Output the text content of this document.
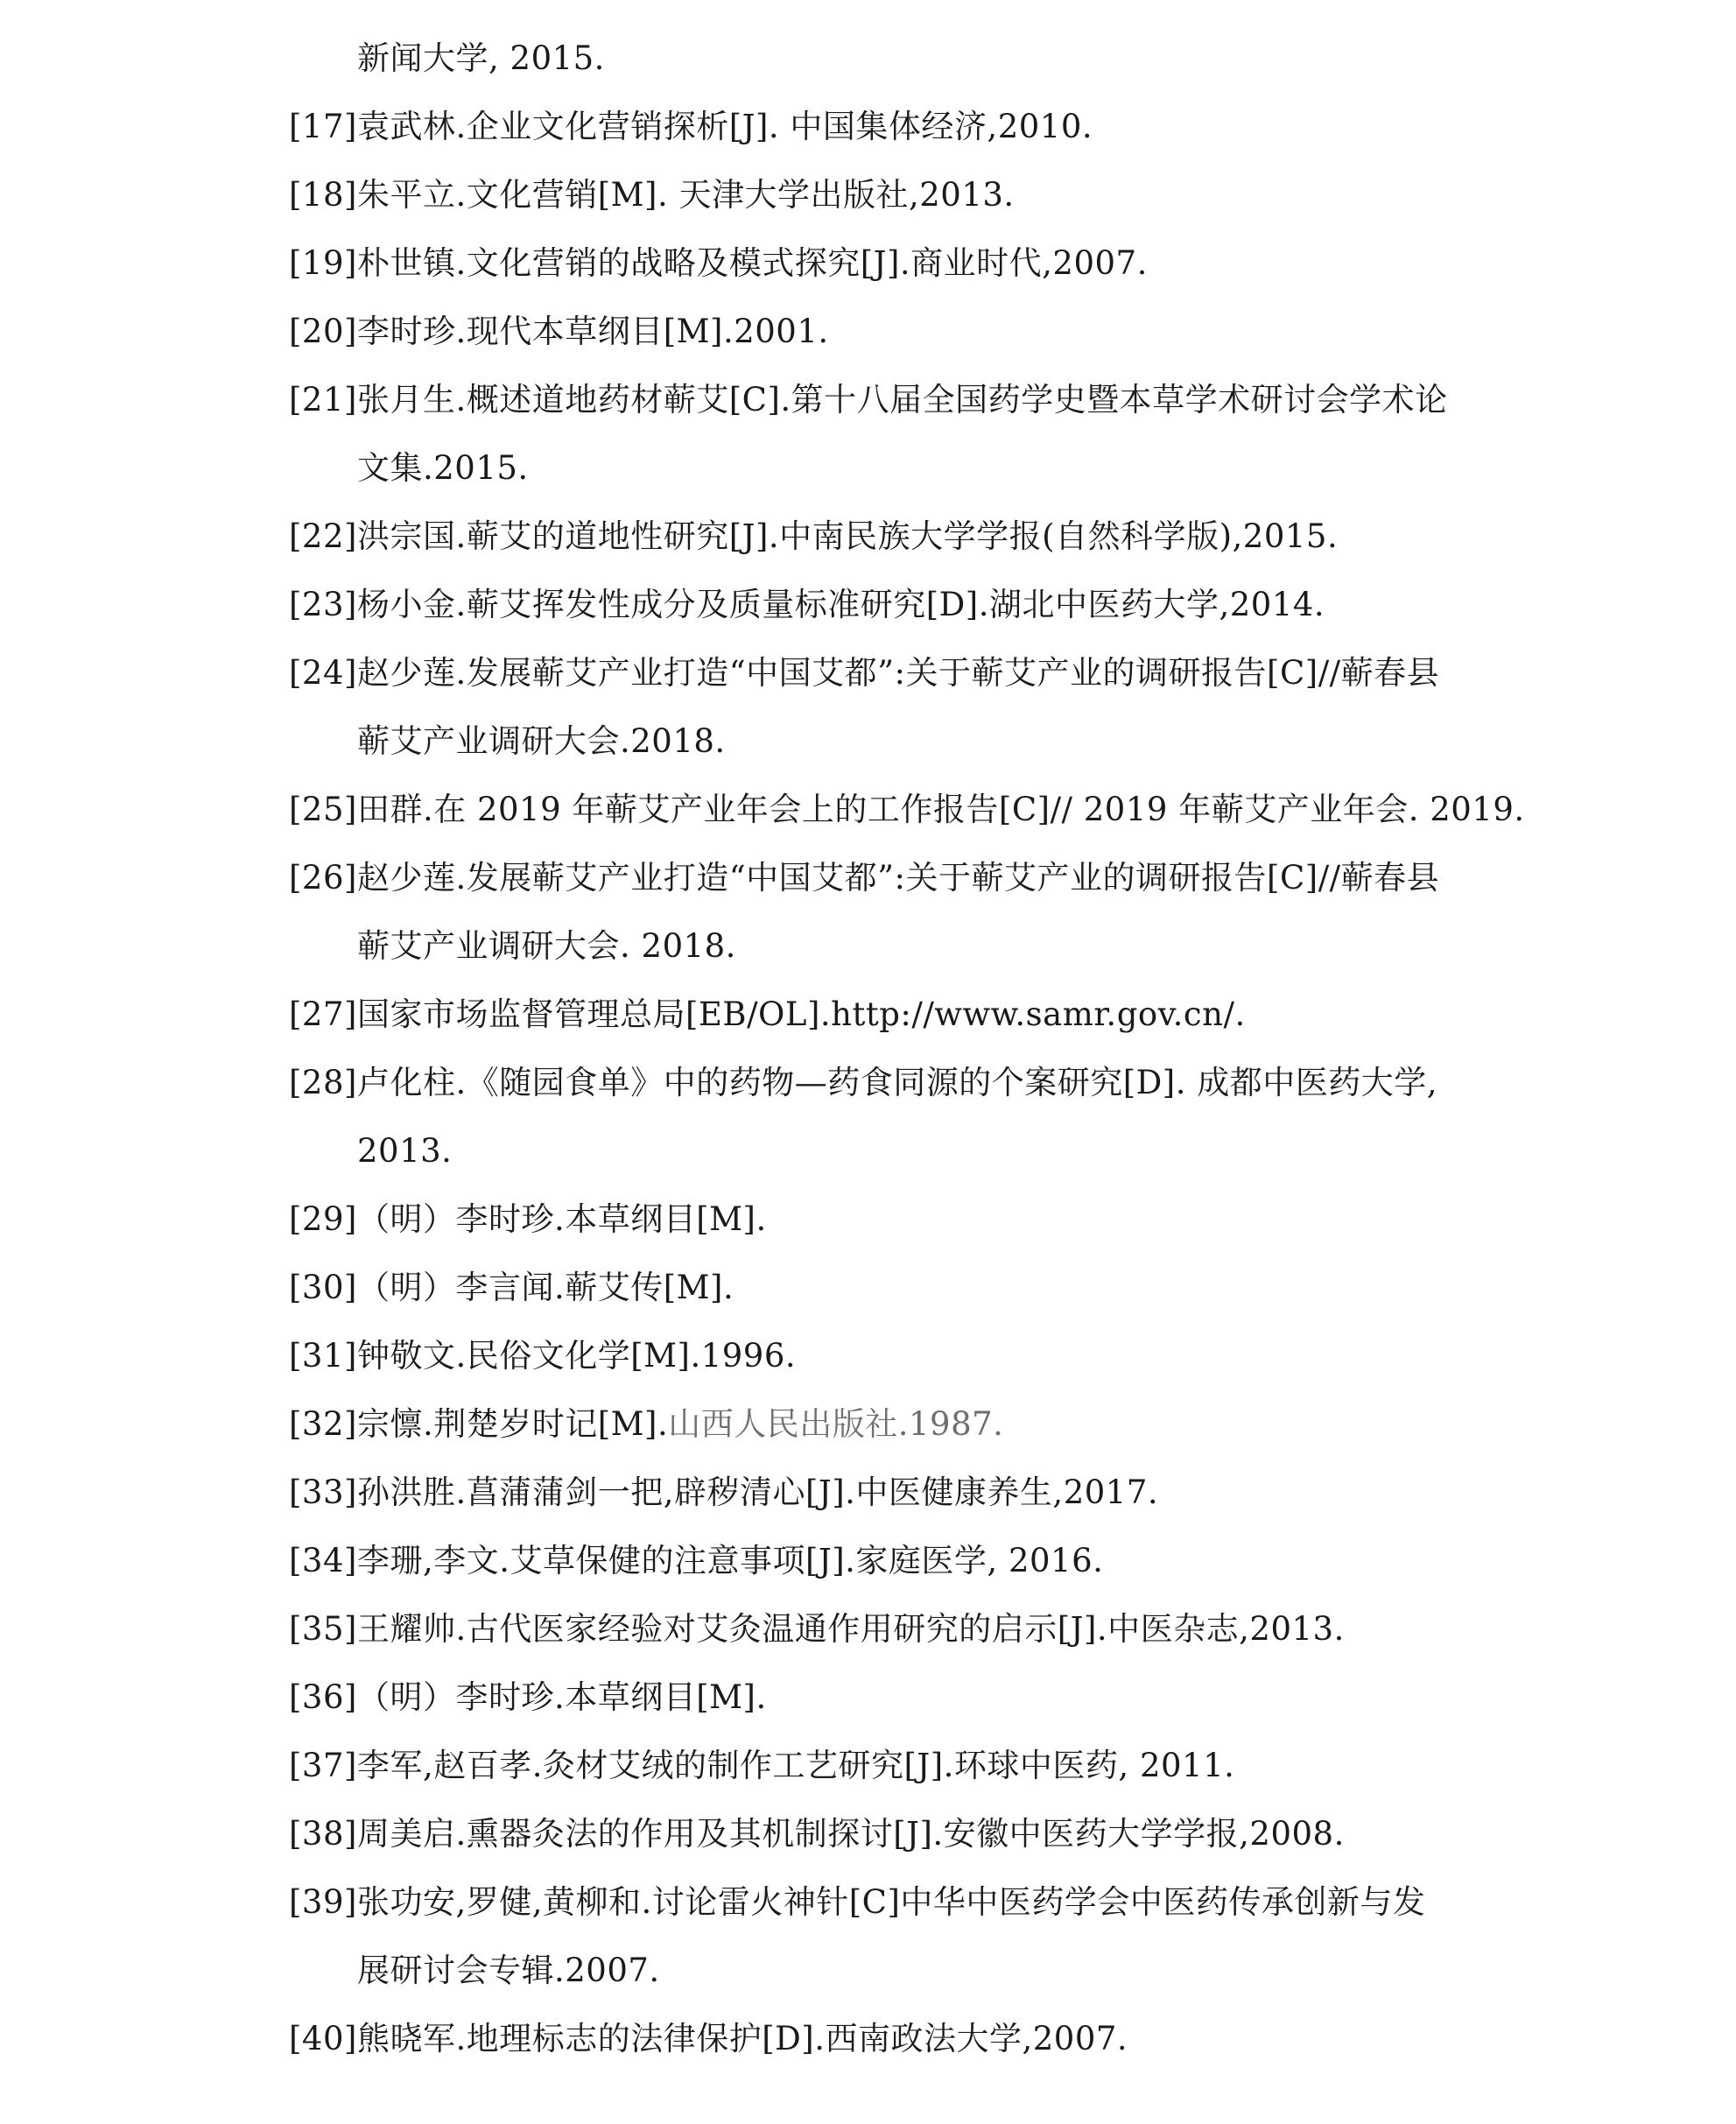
新闻大学, 2015.
[17]袁武林.企业文化营销探析[J]. 中国集体经济,2010.
[18]朱平立.文化营销[M]. 天津大学出版社,2013.
[19]朴世镇.文化营销的战略及模式探究[J].商业时代,2007.
[20]李时珍.现代本草纲目[M].2001.
[21]张月生.概述道地药材蕲艾[C].第十八届全国药学史暨本草学术研讨会学术论
文集.2015.
[22]洪宗国.蕲艾的道地性研究[J].中南民族大学学报(自然科学版),2015.
[23]杨小金.蕲艾挥发性成分及质量标准研究[D].湖北中医药大学,2014.
[24]赵少莲.发展蕲艾产业打造“中国艾都”:关于蕲艾产业的调研报告[C]//蕲春县
蕲艾产业调研大会.2018.
[25]田群.在 2019 年蕲艾产业年会上的工作报告[C]// 2019 年蕲艾产业年会. 2019.
[26]赵少莲.发展蕲艾产业打造“中国艾都”:关于蕲艾产业的调研报告[C]//蕲春县
蕲艾产业调研大会. 2018.
[27]国家市场监督管理总局[EB/OL].http://www.samr.gov.cn/.
[28]卢化柱.《随园食单》中的药物—药食同源的个案研究[D]. 成都中医药大学,
2013.
[29]（明）李时珍.本草纲目[M].
[30]（明）李言闻.蕲艾传[M].
[31]钟敬文.民俗文化学[M].1996.
[32]宗懔.荆楚岁时记[M].山西人民出版社.1987.
[33]孙洪胜.菖蒲蒲剑一把,辟秽清心[J].中医健康养生,2017.
[34]李珊,李文.艾草保健的注意事项[J].家庭医学, 2016.
[35]王耀帅.古代医家经验对艾灸温通作用研究的启示[J].中医杂志,2013.
[36]（明）李时珍.本草纲目[M].
[37]李军,赵百孝.灸材艾绒的制作工艺研究[J].环球中医药, 2011.
[38]周美启.熏器灸法的作用及其机制探讨[J].安徽中医药大学学报,2008.
[39]张功安,罗健,黄柳和.讨论雷火神针[C]中华中医药学会中医药传承创新与发
展研讨会专辑.2007.
[40]熊晓军.地理标志的法律保护[D].西南政法大学,2007.
